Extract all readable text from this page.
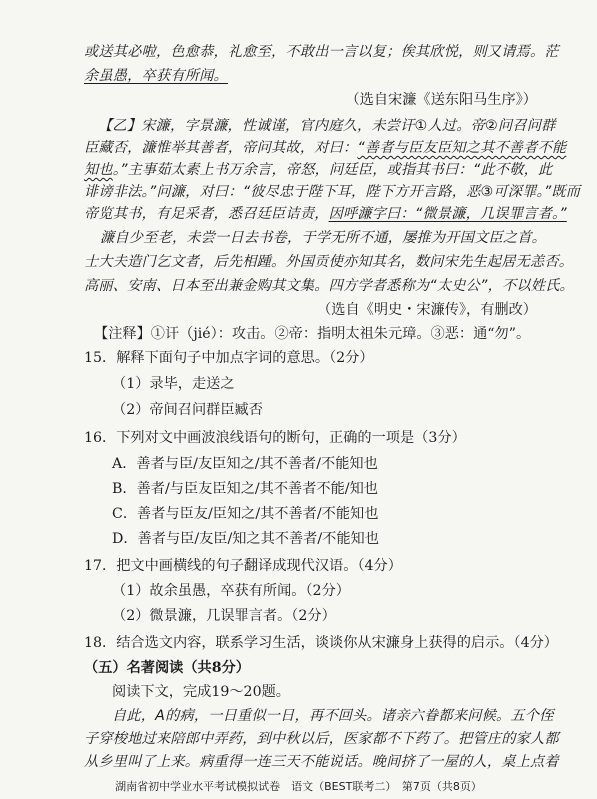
或送其必啦，色愈恭，礼愈至，不敢出一言以复；俟其欣悦，则又请焉。茫
余虽愚，卒获有所闻。
（选自宋濂《送东阳马生序》）
【乙】宋濂，字景濂，性诚谨，官内庭久，未尝讦①人过。帝②问召问群
臣藏否，濂惟举其善者，帝问其故，对曰：“善者与臣友臣知之其不善者不能
知也。”主事茹太素上书万余言，帝怒，问廷臣，或指其书曰：“此不敬，此
诽谤非法。”问濂，对曰：“彼尽忠于陛下耳，陛下方开言路，恶③可深罪。”既而
帝览其书，有足采者，悉召廷臣诘责，因呼濂字曰：“微景濂，几误罪言者。”
濂自少至老，未尝一日去书卷，于学无所不通，屡推为开国文臣之首。
士大夫造门乞文者，后先相踵。外国贡使亦知其名，数问宋先生起居无恙否。
高丽、安南、日本至出兼金购其文集。四方学者悉称为“太史公”，不以姓氏。
（选自《明史・宋濂传》，有删改）
【注释】①讦（jié）：攻击。②帝：指明太祖朱元璋。③恶：通“勿”。
15．解释下面句子中加点字词的意思。（2分）
（1）录毕，走送之
（2）帝间召问群臣臧否
16．下列对文中画波浪线语句的断句，正确的一项是（3分）
A．善者与臣/友臣知之/其不善者/不能知也
B．善者/与臣友臣知之/其不善者不能/知也
C．善者与臣友/臣知之/其不善者/不能知也
D．善者与臣/友臣/知之其不善者/不能知也
17．把文中画横线的句子翻译成现代汉语。（4分）
（1）故余虽愚，卒获有所闻。（2分）
（2）微景濂，几误罪言者。（2分）
18．结合选文内容，联系学习生活，谈谈你从宋濂身上获得的启示。（4分）
（五）名著阅读（共8分）
阅读下文，完成19～20题。
自此，A的病，一日重似一日，再不回头。诸亲六眷都来问候。五个侄
子穿梭地过来陪郎中弄药，到中秋以后，医家都不下药了。把管庄的家人都
从乡里叫了上来。病重得一连三天不能说话。晚间挤了一屋的人，桌上点着
湖南省初中学业水平考试模拟试卷　语文（BEST联考二）　第7页（共8页）
